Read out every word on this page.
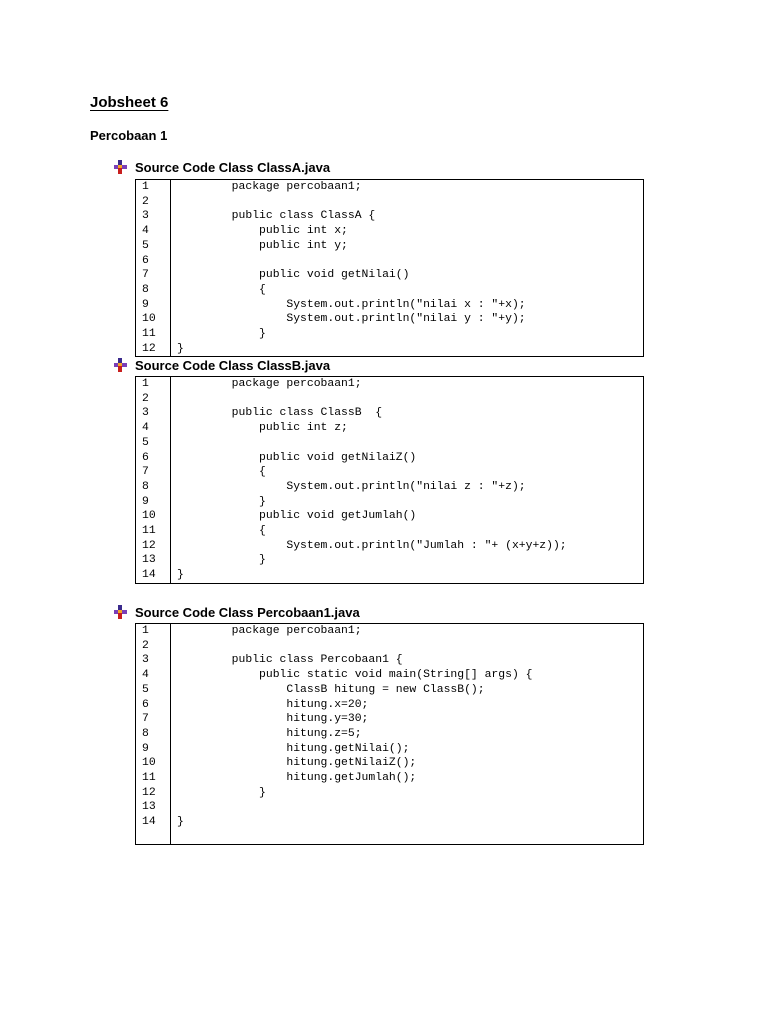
Jobsheet 6
Percobaan 1
Source Code Class ClassA.java
1	package percobaan1;
2	
3	public class ClassA {
4	public int x;
5	public int y;
6	
7	public void getNilai()
8	{
9	System.out.println("nilai x : "+x);
10	System.out.println("nilai y : "+y);
11	}
12	}
Source Code Class ClassB.java
1	package percobaan1;
2	
3	public class ClassB  {
4	public int z;
5	
6	public void getNilaiZ()
7	{
8	System.out.println("nilai z : "+z);
9	}
10	public void getJumlah()
11	{
12	System.out.println("Jumlah : "+ (x+y+z));
13	}
14	}
Source Code Class Percobaan1.java
1	package percobaan1;
2	
3	public class Percobaan1 {
4	public static void main(String[] args) {
5	ClassB hitung = new ClassB();
6	hitung.x=20;
7	hitung.y=30;
8	hitung.z=5;
9	hitung.getNilai();
10	hitung.getNilaiZ();
11	hitung.getJumlah();
12	}
13	
14	}
